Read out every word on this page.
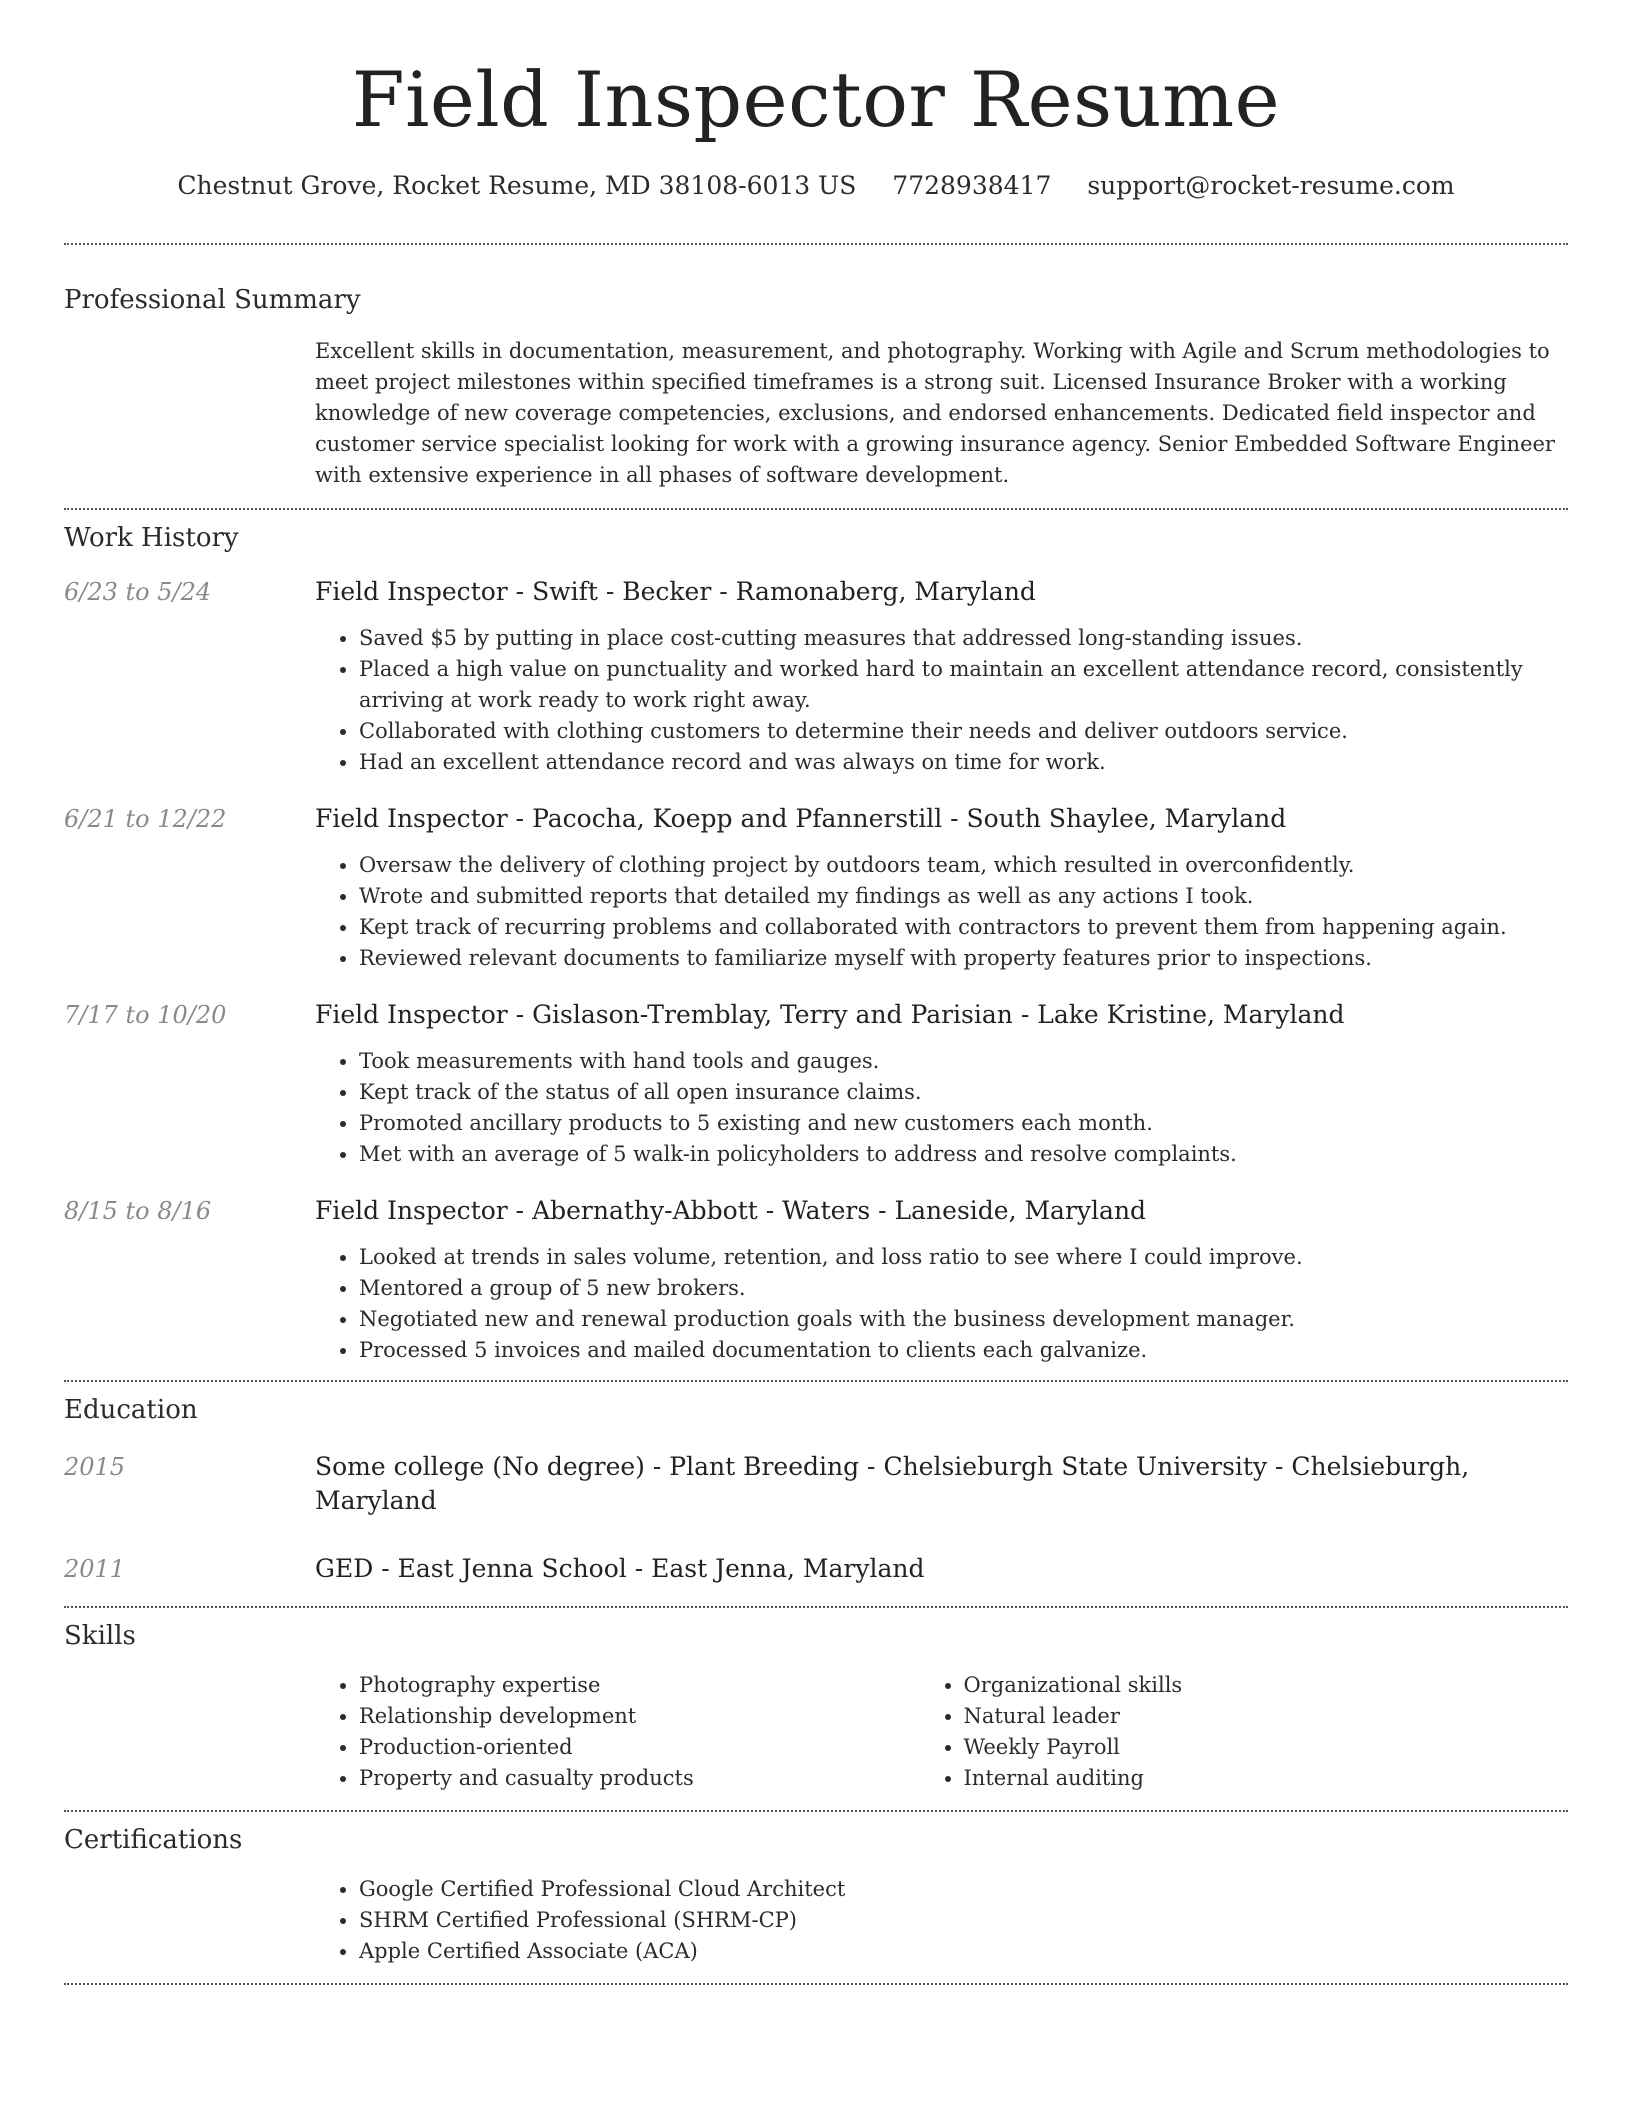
Field Inspector Resume
Chestnut Grove, Rocket Resume, MD 38108-6013 US 7728938417 support@rocket-resume.com
Professional Summary

Excellent skills in documentation, measurement, and photography. Working with Agile and Scrum methodologies to meet project milestones within specified timeframes is a strong suit. Licensed Insurance Broker with a working knowledge of new coverage competencies, exclusions, and endorsed enhancements. Dedicated field inspector and customer service specialist looking for work with a growing insurance agency. Senior Embedded Software Engineer with extensive experience in all phases of software development.

Work History
6/23 to 5/24	Field Inspector - Swift - Becker - Ramonaberg, Maryland
• Saved $5 by putting in place cost-cutting measures that addressed long-standing issues.
• Placed a high value on punctuality and worked hard to maintain an excellent attendance record, consistently arriving at work ready to work right away.
• Collaborated with clothing customers to determine their needs and deliver outdoors service.
• Had an excellent attendance record and was always on time for work.
6/21 to 12/22	Field Inspector - Pacocha, Koepp and Pfannerstill - South Shaylee, Maryland
• Oversaw the delivery of clothing project by outdoors team, which resulted in overconfidently.
• Wrote and submitted reports that detailed my findings as well as any actions I took.
• Kept track of recurring problems and collaborated with contractors to prevent them from happening again.
• Reviewed relevant documents to familiarize myself with property features prior to inspections.
7/17 to 10/20	Field Inspector - Gislason-Tremblay, Terry and Parisian - Lake Kristine, Maryland
• Took measurements with hand tools and gauges.
• Kept track of the status of all open insurance claims.
• Promoted ancillary products to 5 existing and new customers each month.
• Met with an average of 5 walk-in policyholders to address and resolve complaints.
8/15 to 8/16	Field Inspector - Abernathy-Abbott - Waters - Laneside, Maryland
• Looked at trends in sales volume, retention, and loss ratio to see where I could improve.
• Mentored a group of 5 new brokers.
• Negotiated new and renewal production goals with the business development manager.
• Processed 5 invoices and mailed documentation to clients each galvanize.
Education
2015	Some college (No degree) - Plant Breeding - Chelsieburgh State University - Chelsieburgh, Maryland
2011	GED - East Jenna School - East Jenna, Maryland
Skills
• Photography expertise
• Relationship development
• Production-oriented
• Property and casualty products
• Organizational skills
• Natural leader
• Weekly Payroll
• Internal auditing
Certifications
• Google Certified Professional Cloud Architect
• SHRM Certified Professional (SHRM-CP)
• Apple Certified Associate (ACA)
